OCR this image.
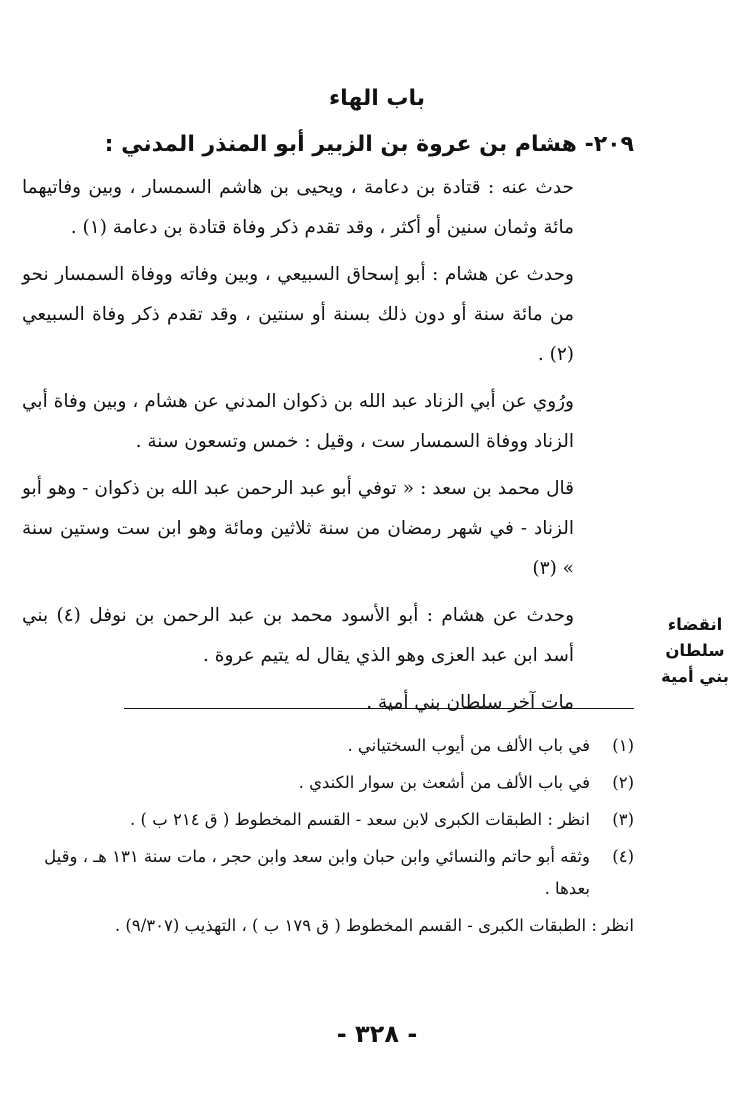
باب الهاء
٢٠٩- هشام بن عروة بن الزبير أبو المنذر المدني :

حدث عنه : قتادة بن دعامة ، ويحيى بن هاشم السمسار ، وبين وفاتيهما مائة وثمان سنين أو أكثر ، وقد تقدم ذكر وفاة قتادة بن دعامة (١) .

وحدث عن هشام : أبو إسحاق السبيعي ، وبين وفاته ووفاة السمسار نحو من مائة سنة أو دون ذلك بسنة أو سنتين ، وقد تقدم ذكر وفاة السبيعي (٢) .

ورُوي عن أبي الزناد عبد الله بن ذكوان المدني عن هشام ، وبين وفاة أبي الزناد ووفاة السمسار ست ، وقيل : خمس وتسعون سنة .

قال محمد بن سعد : « توفي أبو عبد الرحمن عبد الله بن ذكوان - وهو أبو الزناد - في شهر رمضان من سنة ثلاثين ومائة وهو ابن ست وستين سنة » (٣)

وحدث عن هشام : أبو الأسود محمد بن عبد الرحمن بن نوفل (٤) بني أسد ابن عبد العزى وهو الذي يقال له يتيم عروة .

مات آخر سلطان بني أمية .

انقضاء سلطان بني أمية
(١)
في باب الألف من أيوب السختياني .
(٢)
في باب الألف من أشعث بن سوار الكندي .
(٣)
انظر : الطبقات الكبرى لابن سعد - القسم المخطوط ( ق ٢١٤ ب ) .
(٤)
وثقه أبو حاتم والنسائي وابن حبان وابن سعد وابن حجر ، مات سنة ١٣١ هـ ، وقيل بعدها .
انظر : الطبقات الكبرى - القسم المخطوط ( ق ١٧٩ ب ) ، التهذيب (٩/٣٠٧) .
- ٣٢٨ -
